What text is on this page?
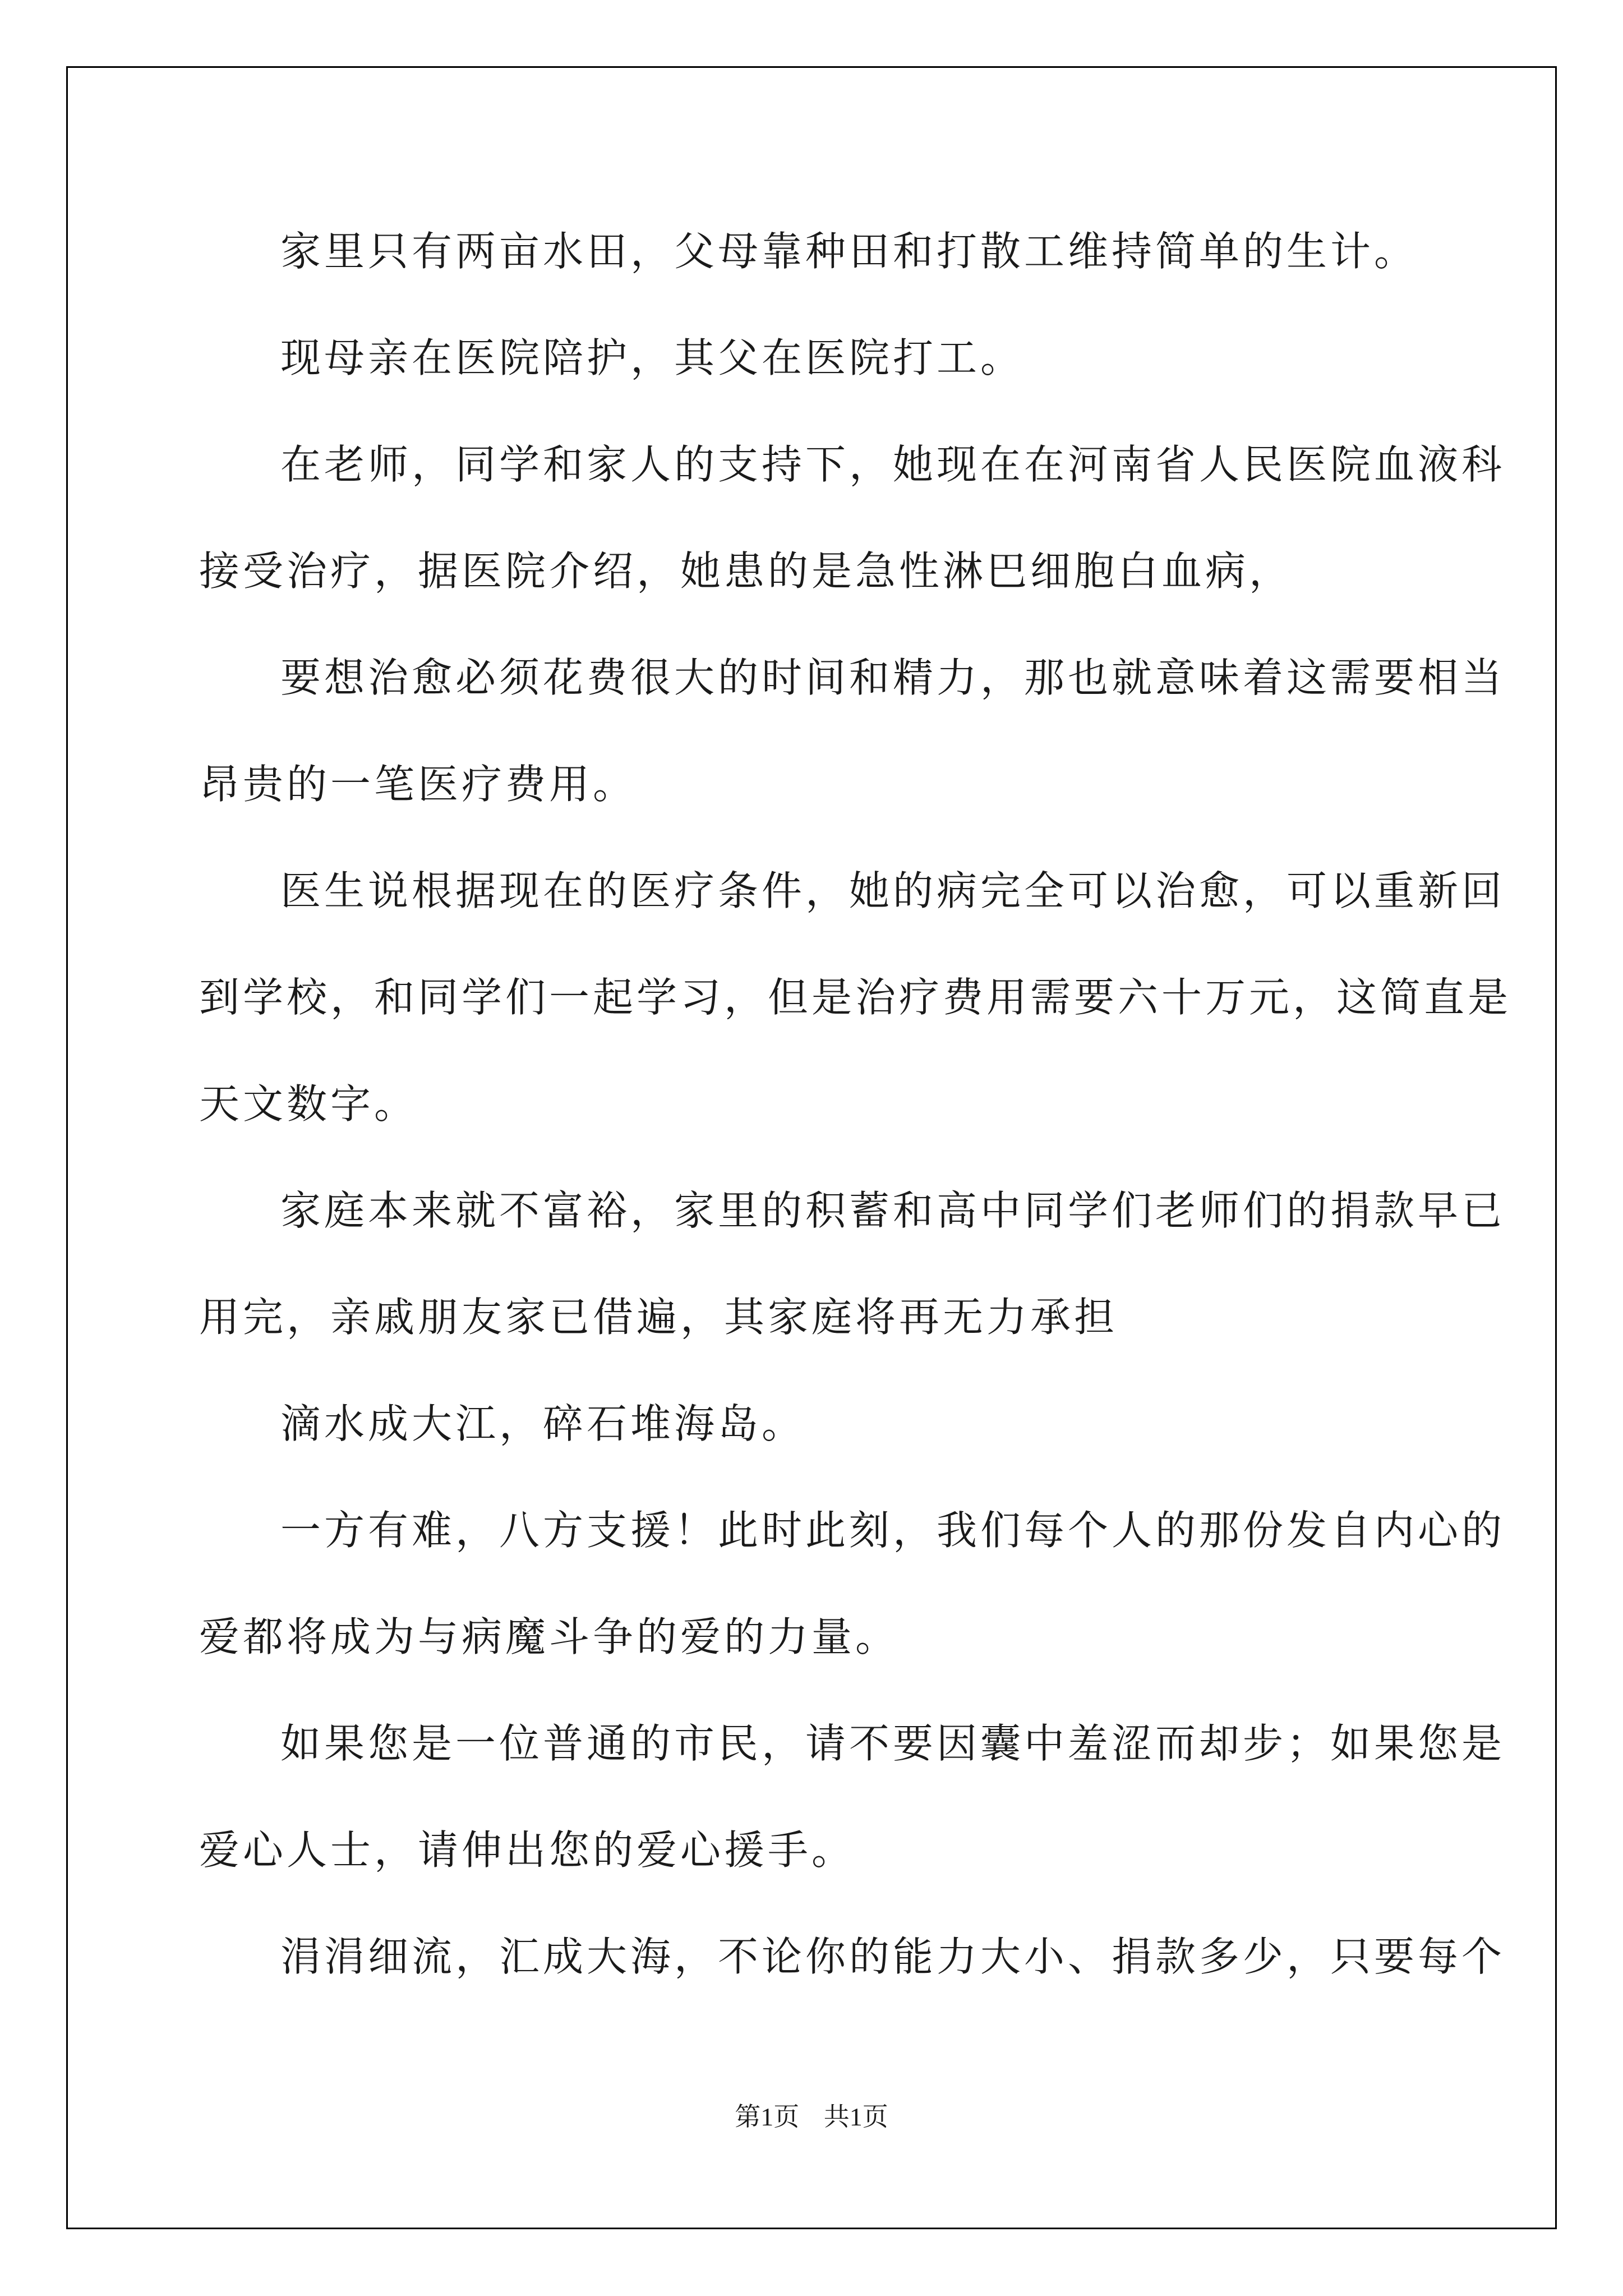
家里只有两亩水田，父母靠种田和打散工维持简单的生计。
现母亲在医院陪护，其父在医院打工。
在老师，同学和家人的支持下，她现在在河南省人民医院血液科
接受治疗，据医院介绍，她患的是急性淋巴细胞白血病，
要想治愈必须花费很大的时间和精力，那也就意味着这需要相当
昂贵的一笔医疗费用。
医生说根据现在的医疗条件，她的病完全可以治愈，可以重新回
到学校，和同学们一起学习，但是治疗费用需要六十万元，这简直是
天文数字。
家庭本来就不富裕，家里的积蓄和高中同学们老师们的捐款早已
用完，亲戚朋友家已借遍，其家庭将再无力承担
滴水成大江，碎石堆海岛。
一方有难，八方支援！此时此刻，我们每个人的那份发自内心的
爱都将成为与病魔斗争的爱的力量。
如果您是一位普通的市民，请不要因囊中羞涩而却步；如果您是
爱心人士，请伸出您的爱心援手。
涓涓细流，汇成大海，不论你的能力大小、捐款多少，只要每个
第1页 共1页
